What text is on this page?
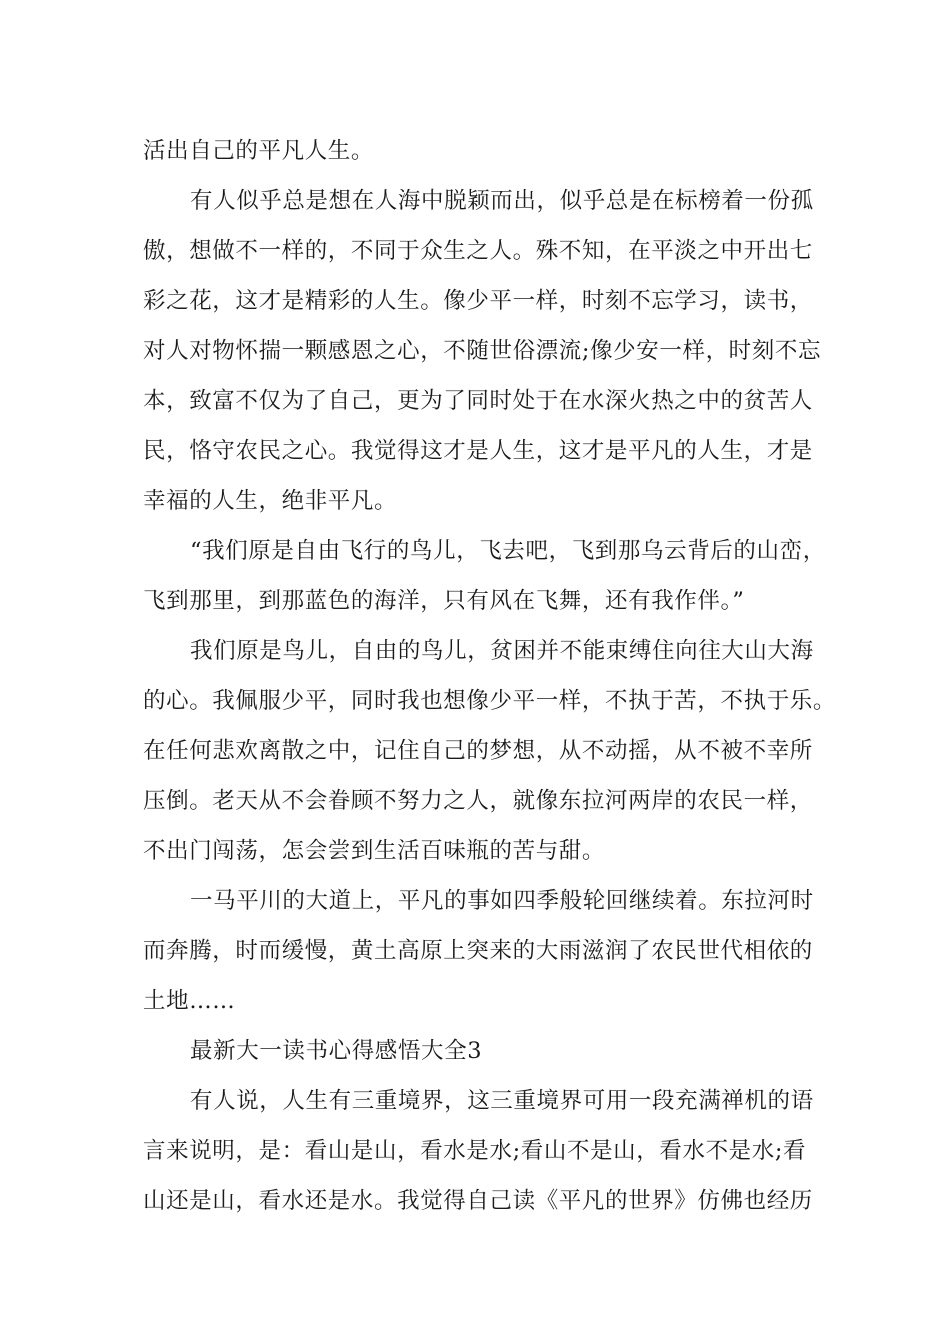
活出自己的平凡人生。
有人似乎总是想在人海中脱颖而出，似乎总是在标榜着一份孤
傲，想做不一样的，不同于众生之人。殊不知，在平淡之中开出七
彩之花，这才是精彩的人生。像少平一样，时刻不忘学习，读书，
对人对物怀揣一颗感恩之心，不随世俗漂流;像少安一样，时刻不忘
本，致富不仅为了自己，更为了同时处于在水深火热之中的贫苦人
民，恪守农民之心。我觉得这才是人生，这才是平凡的人生，才是
幸福的人生，绝非平凡。
“我们原是自由飞行的鸟儿，飞去吧，飞到那乌云背后的山峦，
飞到那里，到那蓝色的海洋，只有风在飞舞，还有我作伴。”
我们原是鸟儿，自由的鸟儿，贫困并不能束缚住向往大山大海
的心。我佩服少平，同时我也想像少平一样，不执于苦，不执于乐。
在任何悲欢离散之中，记住自己的梦想，从不动摇，从不被不幸所
压倒。老天从不会眷顾不努力之人，就像东拉河两岸的农民一样，
不出门闯荡，怎会尝到生活百味瓶的苦与甜。
一马平川的大道上，平凡的事如四季般轮回继续着。东拉河时
而奔腾，时而缓慢，黄土高原上突来的大雨滋润了农民世代相依的
土地……
最新大一读书心得感悟大全3
有人说，人生有三重境界，这三重境界可用一段充满禅机的语
言来说明，是：看山是山，看水是水;看山不是山，看水不是水;看
山还是山，看水还是水。我觉得自己读《平凡的世界》仿佛也经历
